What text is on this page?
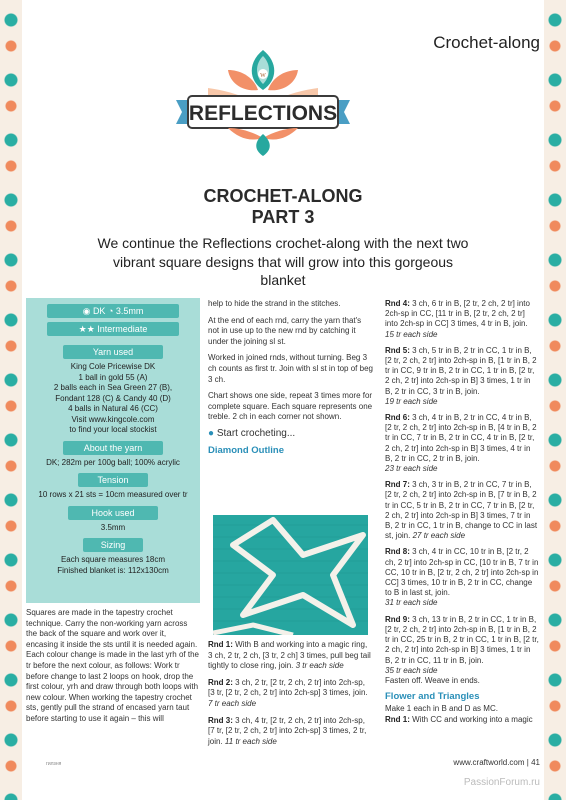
Crochet-along
W
REFLECTIONS
CROCHET-ALONG
PART 3
We continue the Reflections crochet-along with the next two vibrant square designs that will grow into this gorgeous blanket
◉ DK ◔ 3.5mm
★★ Intermediate
Yarn used
King Cole Pricewise DK
1 ball in gold 55 (A)
2 balls each in Sea Green 27 (B),
Fondant 128 (C) & Candy 40 (D)
4 balls in Natural 46 (CC)
Visit www.kingcole.com
to find your local stockist
About the yarn
DK; 282m per 100g ball; 100% acrylic
Tension
10 rows x 21 sts = 10cm measured over tr
Hook used
3.5mm
Sizing
Each square measures 18cm
Finished blanket is: 112x130cm

Squares are made in the tapestry crochet technique. Carry the non-working yarn across the back of the square and work over it, encasing it inside the sts until it is needed again. Each colour change is made in the last yrh of the tr before the next colour, as follows: Work tr before change to last 2 loops on hook, drop the first colour, yrh and draw through both loops with new colour. When working the tapestry crochet sts, gently pull the strand of encased yarn taut before starting to use it again – this will

help to hide the strand in the stitches.

At the end of each rnd, carry the yarn that's not in use up to the new rnd by catching it under the joining sl st.

Worked in joined rnds, without turning. Beg 3 ch counts as first tr. Join with sl st in top of beg 3 ch.

Chart shows one side, repeat 3 times more for complete square. Each square represents one treble. 2 ch in each corner not shown.

● Start crocheting...

Diamond Outline

Rnd 1: With B and working into a magic ring, 3 ch, 2 tr, 2 ch, [3 tr, 2 ch] 3 times, pull beg tail tightly to close ring, join. 3 tr each side

Rnd 2: 3 ch, 2 tr, [2 tr, 2 ch, 2 tr] into 2ch-sp, [3 tr, [2 tr, 2 ch, 2 tr] into 2ch-sp] 3 times, join. 7 tr each side

Rnd 3: 3 ch, 4 tr, [2 tr, 2 ch, 2 tr] into 2ch-sp, [7 tr, [2 tr, 2 ch, 2 tr] into 2ch-sp] 3 times, 2 tr, join. 11 tr each side

Rnd 4: 3 ch, 6 tr in B, [2 tr, 2 ch, 2 tr] into 2ch-sp in CC, [11 tr in B, [2 tr, 2 ch, 2 tr] into 2ch-sp in CC] 3 times, 4 tr in B, join.
15 tr each side

Rnd 5: 3 ch, 5 tr in B, 2 tr in CC, 1 tr in B, [2 tr, 2 ch, 2 tr] into 2ch-sp in B, [1 tr in B, 2 tr in CC, 9 tr in B, 2 tr in CC, 1 tr in B, [2 tr, 2 ch, 2 tr] into 2ch-sp in B] 3 times, 1 tr in B, 2 tr in CC, 3 tr in B, join.
19 tr each side

Rnd 6: 3 ch, 4 tr in B, 2 tr in CC, 4 tr in B, [2 tr, 2 ch, 2 tr] into 2ch-sp in B, [4 tr in B, 2 tr in CC, 7 tr in B, 2 tr in CC, 4 tr in B, [2 tr, 2 ch, 2 tr] into 2ch-sp in B] 3 times, 4 tr in B, 2 tr in CC, 2 tr in B, join.
23 tr each side

Rnd 7: 3 ch, 3 tr in B, 2 tr in CC, 7 tr in B, [2 tr, 2 ch, 2 tr] into 2ch-sp in B, [7 tr in B, 2 tr in CC, 5 tr in B, 2 tr in CC, 7 tr in B, [2 tr, 2 ch, 2 tr] into 2ch-sp in B] 3 times, 7 tr in B, 2 tr in CC, 1 tr in B, change to CC in last st, join. 27 tr each side

Rnd 8: 3 ch, 4 tr in CC, 10 tr in B, [2 tr, 2 ch, 2 tr] into 2ch-sp in CC, [10 tr in B, 7 tr in CC, 10 tr in B, [2 tr, 2 ch, 2 tr] into 2ch-sp in CC] 3 times, 10 tr in B, 2 tr in CC, change to B in last st, join.
31 tr each side

Rnd 9: 3 ch, 13 tr in B, 2 tr in CC, 1 tr in B, [2 tr, 2 ch, 2 tr] into 2ch-sp in B, [1 tr in B, 2 tr in CC, 25 tr in B, 2 tr in CC, 1 tr in B, [2 tr, 2 ch, 2 tr] into 2ch-sp in B] 3 times, 1 tr in B, 2 tr in CC, 11 tr in B, join.
35 tr each side
Fasten off. Weave in ends.

Flower and Triangles

Make 1 each in B and D as MC.

Rnd 1: With CC and working into a magic

гилзня	www.craftworld.com | 41
PassionForum.ru
